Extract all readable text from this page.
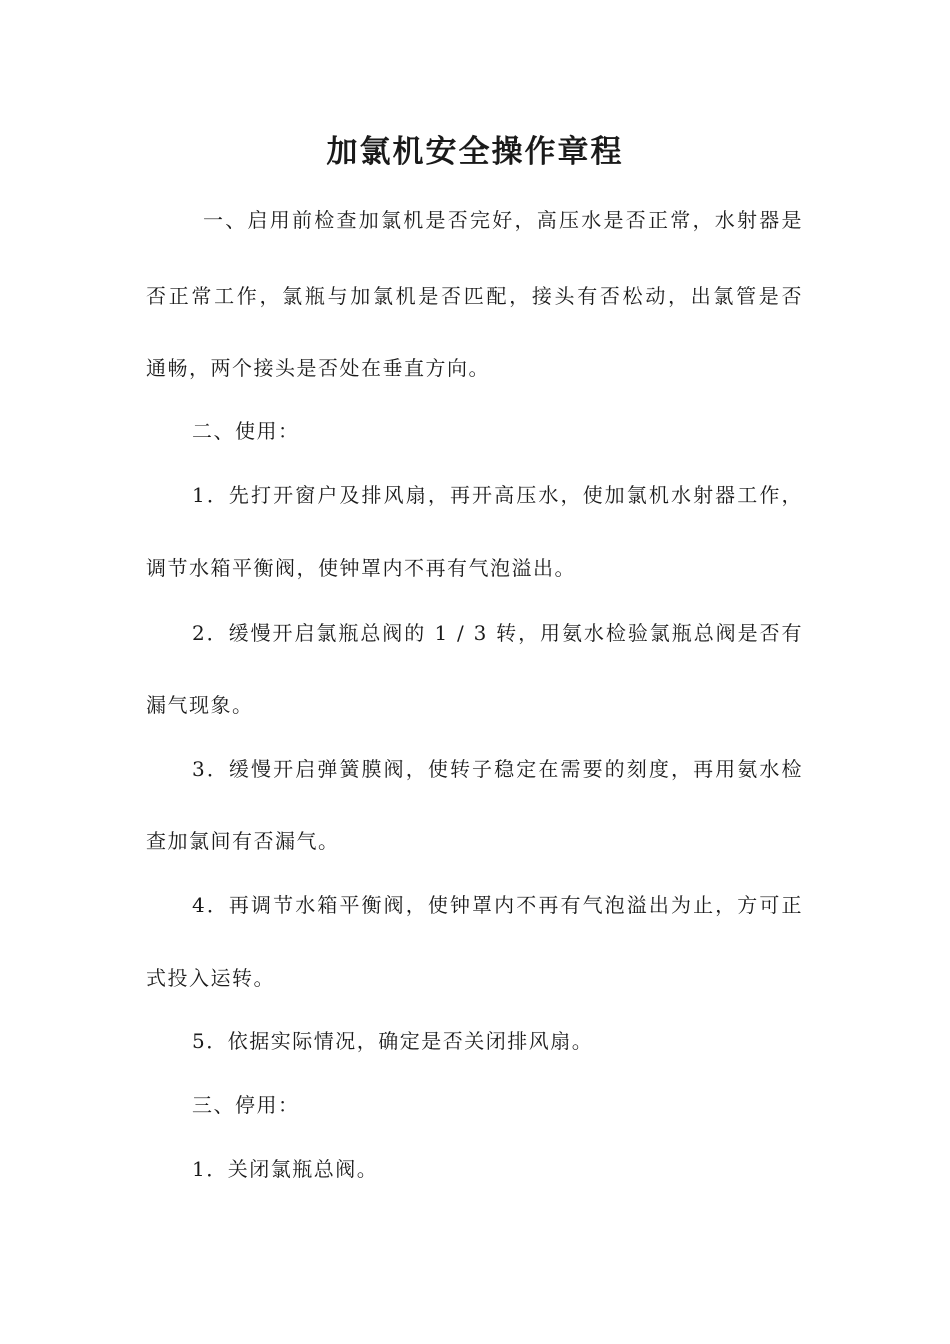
加氯机安全操作章程

一、启用前检查加氯机是否完好，高压水是否正常，水射器是

否正常工作，氯瓶与加氯机是否匹配，接头有否松动，出氯管是否

通畅，两个接头是否处在垂直方向。

二、使用：

1．先打开窗户及排风扇，再开高压水，使加氯机水射器工作，

调节水箱平衡阀，使钟罩内不再有气泡溢出。

2．缓慢开启氯瓶总阀的 1 / 3 转，用氨水检验氯瓶总阀是否有

漏气现象。

3．缓慢开启弹簧膜阀，使转子稳定在需要的刻度，再用氨水检

查加氯间有否漏气。

4．再调节水箱平衡阀，使钟罩内不再有气泡溢出为止，方可正

式投入运转。

5．依据实际情况，确定是否关闭排风扇。

三、停用：

1．关闭氯瓶总阀。
